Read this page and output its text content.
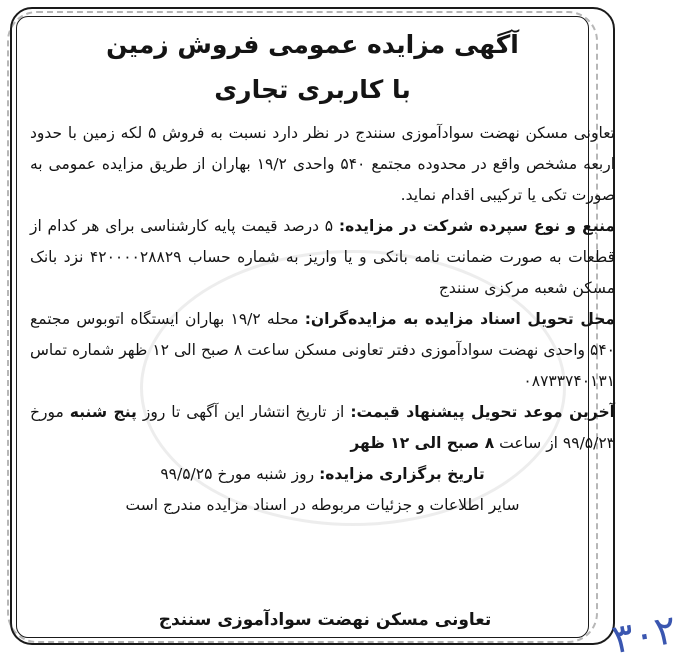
آگهی مزایده عمومی فروش زمین
با کاربری تجاری

تعاونی مسکن نهضت سوادآموزی سنندج در نظر دارد نسبت به فروش ۵ لکه زمین با حدود اربعه مشخص واقع در محدوده مجتمع ۵۴۰ واحدی ۱۹/۲ بهاران از طریق مزایده عمومی به صورت تکی یا ترکیبی اقدام نماید.

منبع و نوع سپرده شرکت در مزایده: ۵ درصد قیمت پایه کارشناسی برای هر کدام از قطعات به صورت ضمانت نامه بانکی و یا واریز به شماره حساب ۴۲۰۰۰۰۲۸۸۲۹ نزد بانک مسکن شعبه مرکزی سنندج

محل تحویل اسناد مزایده به مزایده‌گران: محله ۱۹/۲ بهاران ایستگاه اتوبوس مجتمع ۵۴۰ واحدی نهضت سوادآموزی دفتر تعاونی مسکن ساعت ۸ صبح الی ۱۲ ظهر شماره تماس ۰۸۷۳۳۷۴۰۱۳۱

آخرین موعد تحویل پیشنهاد قیمت: از تاریخ انتشار این آگهی تا روز پنج شنبه مورخ ۹۹/۵/۲۳ از ساعت ۸ صبح الی ۱۲ ظهر

تاریخ برگزاری مزایده: روز شنبه مورخ ۹۹/۵/۲۵

سایر اطلاعات و جزئیات مربوطه در اسناد مزایده مندرج است

تعاونی مسکن نهضت سوادآموزی سنندج	۳۰۲
